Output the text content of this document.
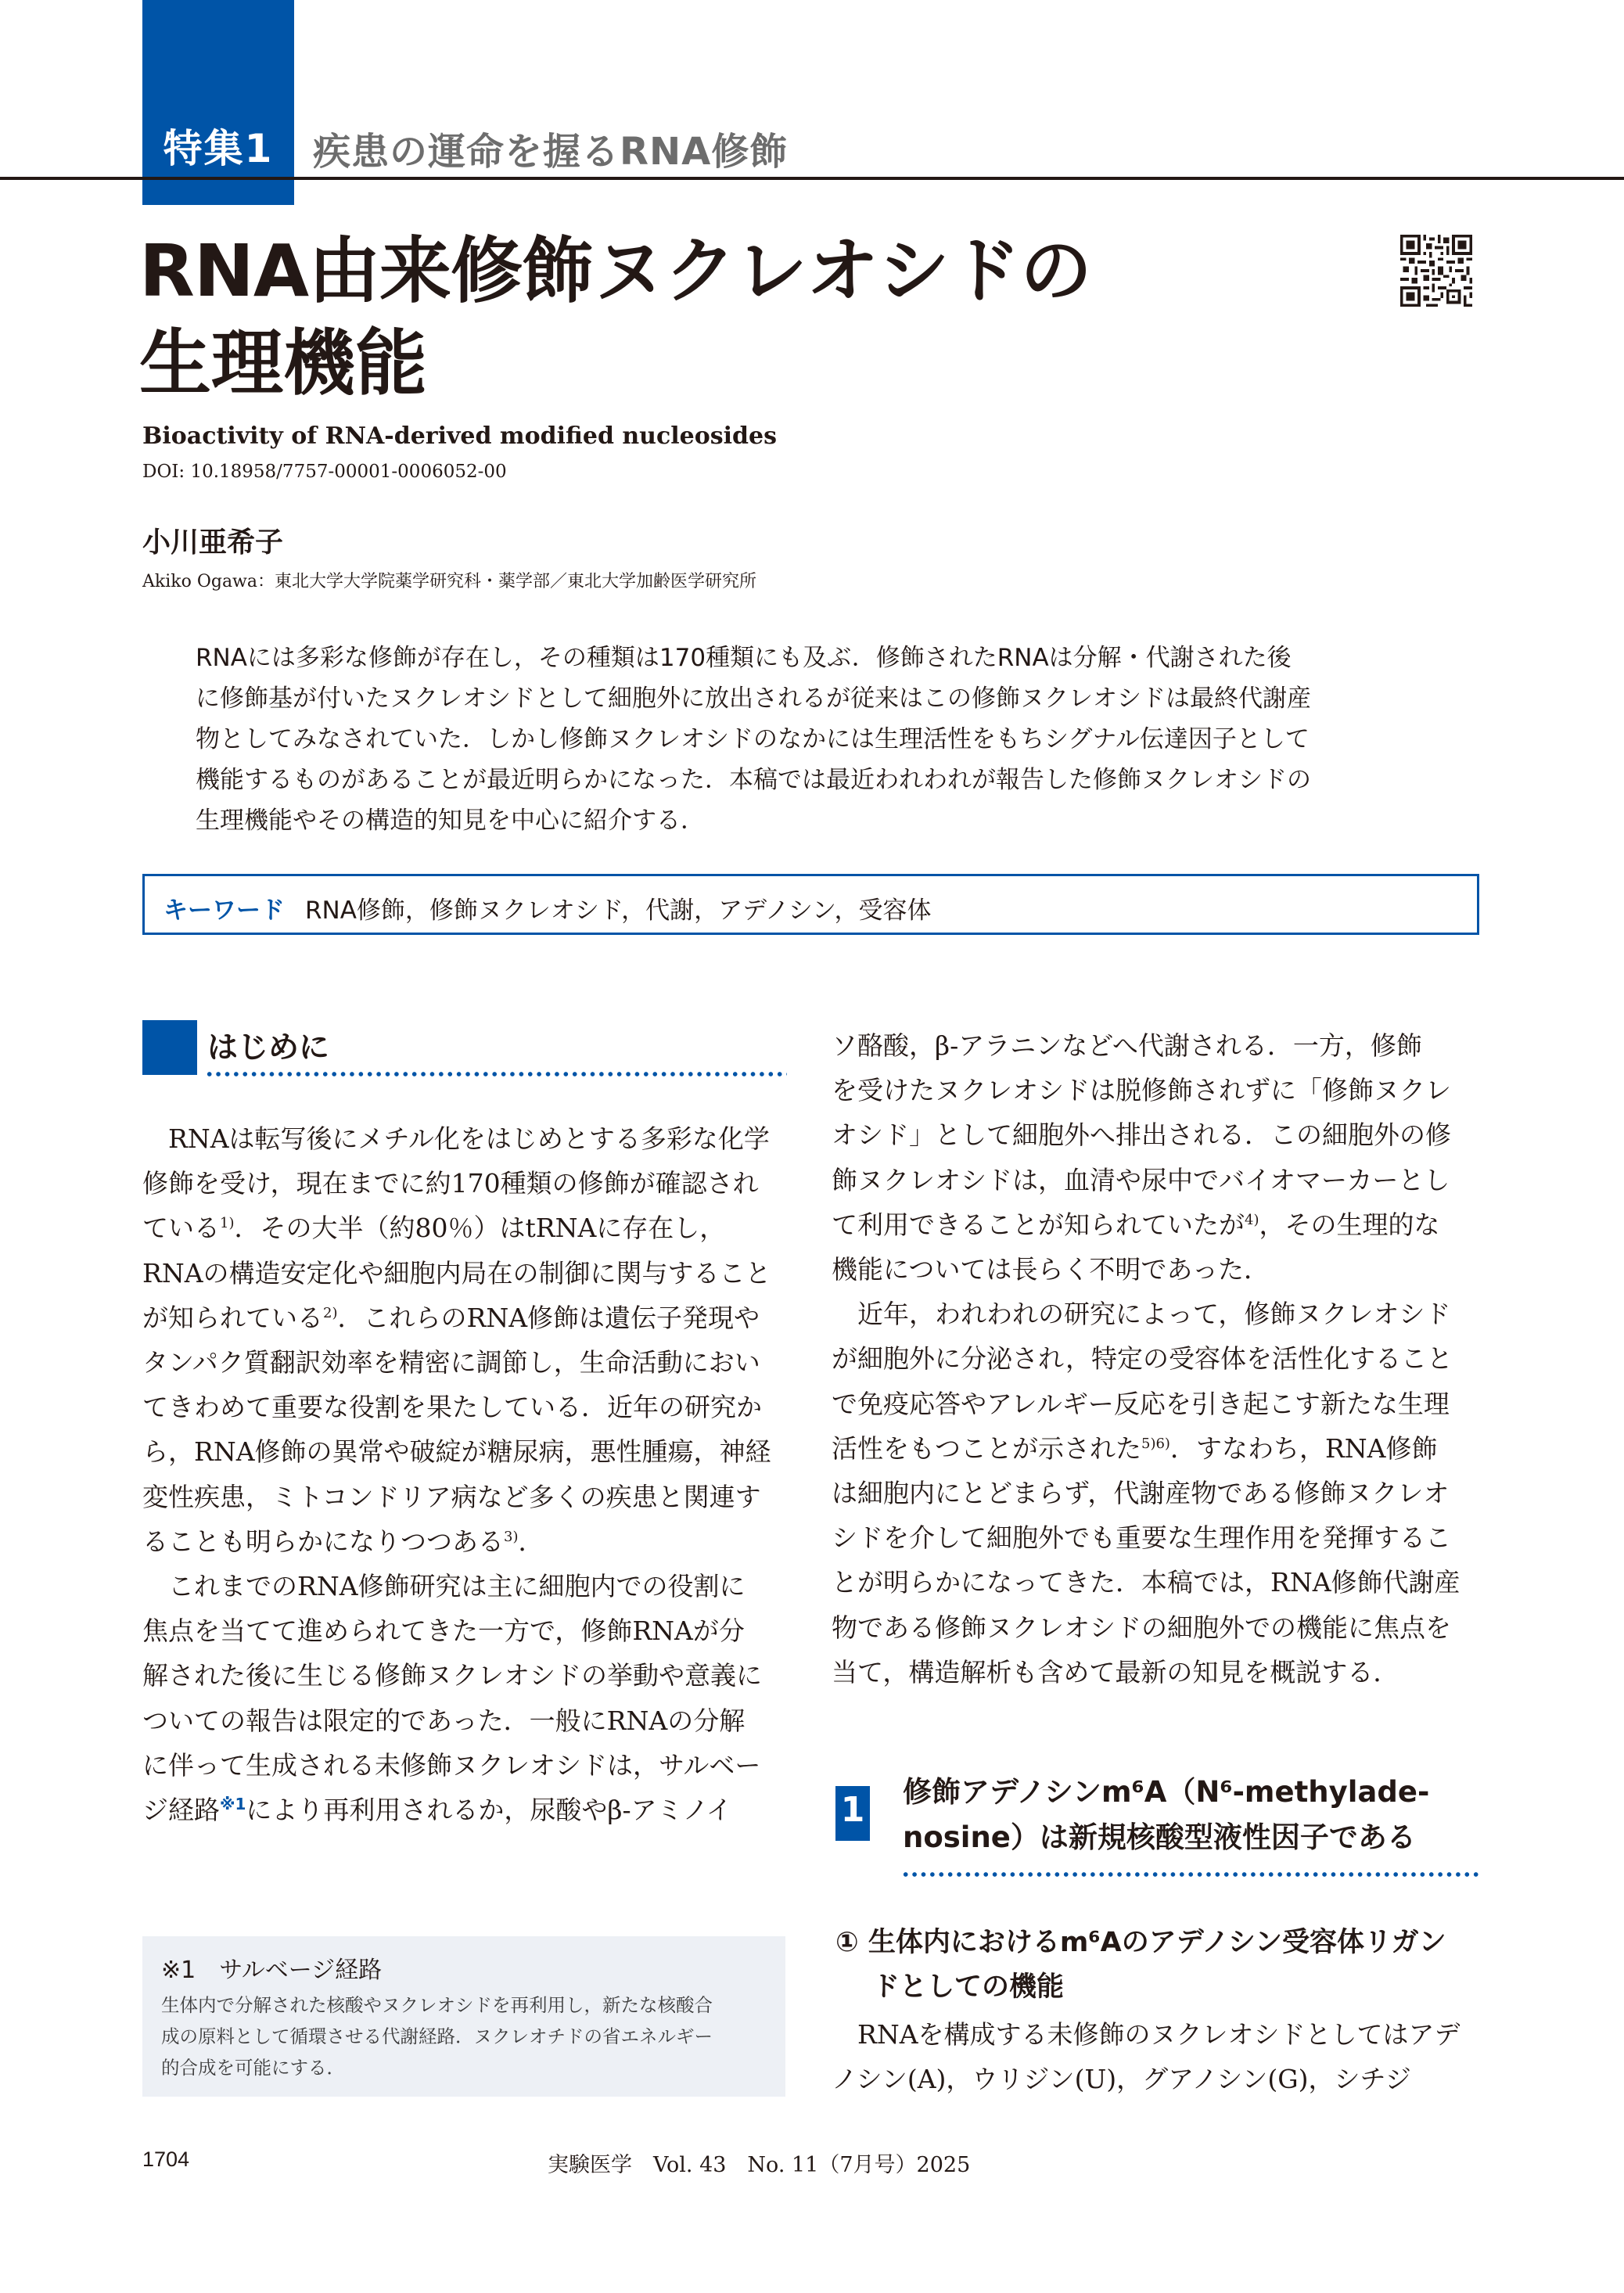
特集1	疾患の運命を握るRNA修飾
RNA由来修飾ヌクレオシドの
生理機能
Bioactivity of RNA-derived modified nucleosides
DOI: 10.18958/7757-00001-0006052-00
小川亜希子
Akiko Ogawa：東北大学大学院薬学研究科・薬学部／東北大学加齢医学研究所
RNAには多彩な修飾が存在し，その種類は170種類にも及ぶ．修飾されたRNAは分解・代謝された後
に修飾基が付いたヌクレオシドとして細胞外に放出されるが従来はこの修飾ヌクレオシドは最終代謝産
物としてみなされていた．しかし修飾ヌクレオシドのなかには生理活性をもちシグナル伝達因子として
機能するものがあることが最近明らかになった．本稿では最近われわれが報告した修飾ヌクレオシドの
生理機能やその構造的知見を中心に紹介する．
キーワード RNA修飾，修飾ヌクレオシド，代謝，アデノシン，受容体
はじめに
RNAは転写後にメチル化をはじめとする多彩な化学
修飾を受け，現在までに約170種類の修飾が確認され
ている$^{1)}$．その大半（約80％）はtRNAに存在し，
RNAの構造安定化や細胞内局在の制御に関与すること
が知られている$^{2)}$．これらのRNA修飾は遺伝子発現や
タンパク質翻訳効率を精密に調節し，生命活動におい
てきわめて重要な役割を果たしている．近年の研究か
ら，RNA修飾の異常や破綻が糖尿病，悪性腫瘍，神経
変性疾患，ミトコンドリア病など多くの疾患と関連す
ることも明らかになりつつある$^{3)}$．
これまでのRNA修飾研究は主に細胞内での役割に
焦点を当てて進められてきた一方で，修飾RNAが分
解された後に生じる修飾ヌクレオシドの挙動や意義に
ついての報告は限定的であった．一般にRNAの分解
に伴って生成される未修飾ヌクレオシドは，サルベー
ジ経路$^{※1}$により再利用されるか，尿酸やβ-アミノイ
ソ酪酸，β-アラニンなどへ代謝される．一方，修飾
を受けたヌクレオシドは脱修飾されずに「修飾ヌクレ
オシド」として細胞外へ排出される．この細胞外の修
飾ヌクレオシドは，血清や尿中でバイオマーカーとし
て利用できることが知られていたが$^{4)}$，その生理的な
機能については長らく不明であった．
近年，われわれの研究によって，修飾ヌクレオシド
が細胞外に分泌され，特定の受容体を活性化すること
で免疫応答やアレルギー反応を引き起こす新たな生理
活性をもつことが示された$^{5)6)}$．すなわち，RNA修飾
は細胞内にとどまらず，代謝産物である修飾ヌクレオ
シドを介して細胞外でも重要な生理作用を発揮するこ
とが明らかになってきた．本稿では，RNA修飾代謝産
物である修飾ヌクレオシドの細胞外での機能に焦点を
当て，構造解析も含めて最新の知見を概説する．
※1　サルベージ経路
生体内で分解された核酸やヌクレオシドを再利用し，新たな核酸合
成の原料として循環させる代謝経路．ヌクレオチドの省エネルギー
的合成を可能にする．
1 修飾アデノシンm⁶A（N⁶-methylade-
nosine）は新規核酸型液性因子である
① 生体内におけるm⁶Aのアデノシン受容体リガン
ドとしての機能
RNAを構成する未修飾のヌクレオシドとしてはアデ
ノシン(A)，ウリジン(U)，グアノシン(G)，シチジ
1704	実験医学　Vol. 43　No. 11（7月号）2025
